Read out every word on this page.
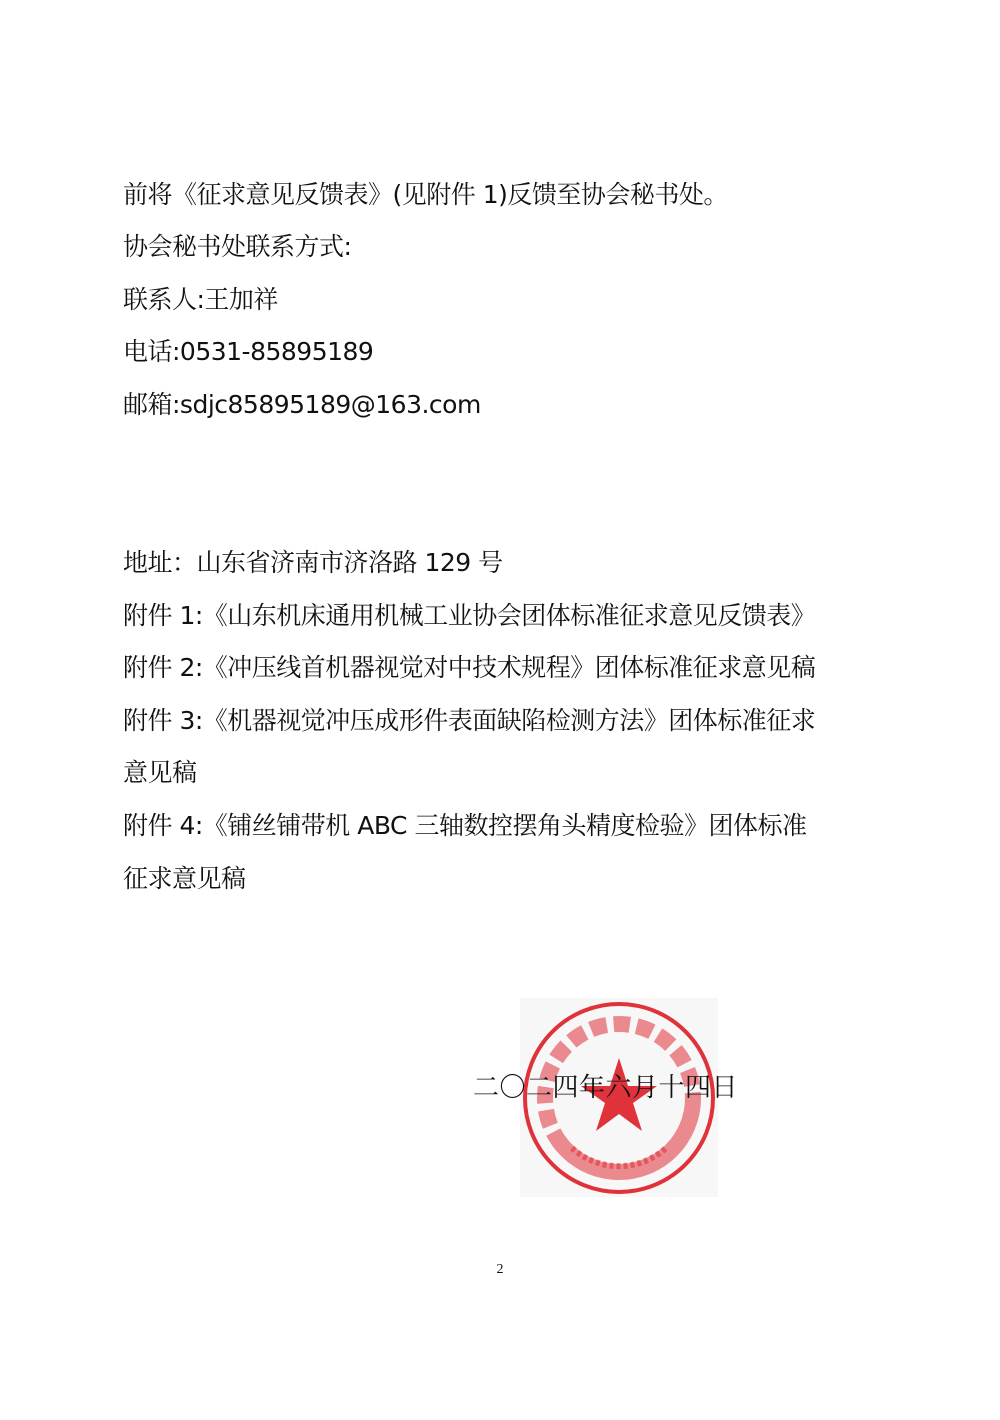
前将《征求意见反馈表》(见附件 1)反馈至协会秘书处。
协会秘书处联系方式:
联系人:王加祥
电话:0531-85895189
邮箱:sdjc85895189@163.com
地址：山东省济南市济洛路 129 号
附件 1:《山东机床通用机械工业协会团体标准征求意见反馈表》
附件 2:《冲压线首机器视觉对中技术规程》团体标准征求意见稿
附件 3:《机器视觉冲压成形件表面缺陷检测方法》团体标准征求
意见稿
附件 4:《铺丝铺带机 ABC 三轴数控摆角头精度检验》团体标准
征求意见稿
二〇二四年六月十四日
2
